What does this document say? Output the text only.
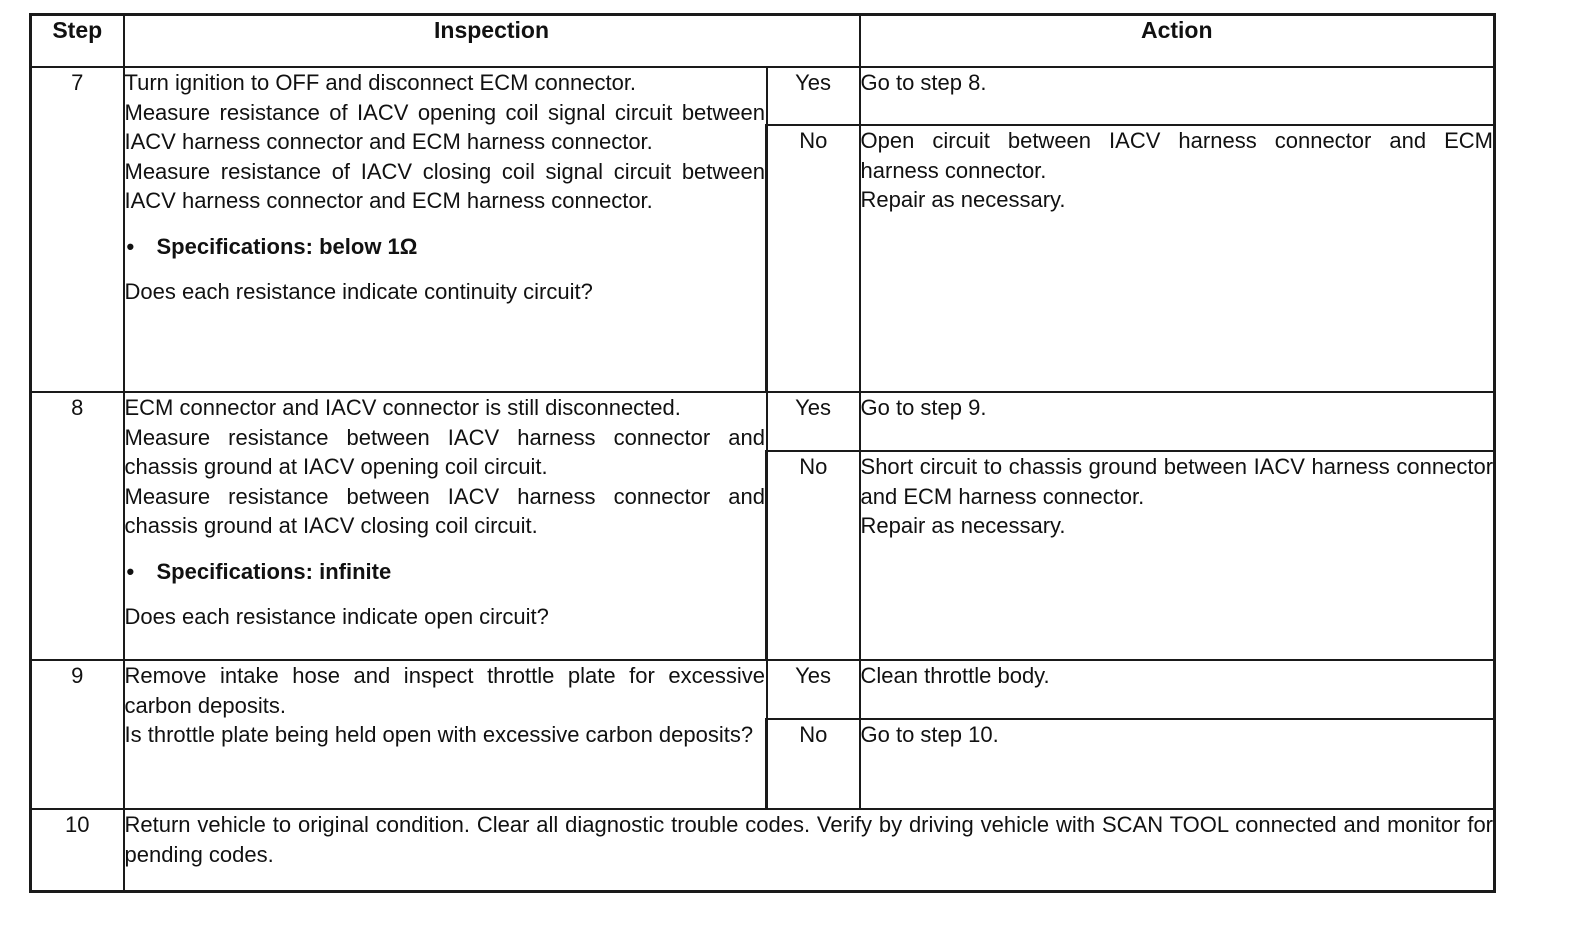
Step	Inspection		Action
7	Turn ignition to OFF and disconnect ECM connector.
Measure resistance of IACV opening coil signal circuit between IACV harness connector and ECM harness connector.
Measure resistance of IACV closing coil signal circuit between IACV harness connector and ECM harness connector.
• Specifications: below 1Ω
Does each resistance indicate continuity circuit?	Yes	Go to step 8.

		No	Open circuit between IACV harness connector and ECM harness connector.
Repair as necessary.

8	ECM connector and IACV connector is still disconnected.
Measure resistance between IACV harness connector and chassis ground at IACV opening coil circuit.
Measure resistance between IACV harness connector and chassis ground at IACV closing coil circuit.
• Specifications: infinite
Does each resistance indicate open circuit?	Yes	Go to step 9.

		No	Short circuit to chassis ground between IACV harness connector and ECM harness connector.
Repair as necessary.

9	Remove intake hose and inspect throttle plate for excessive carbon deposits.
Is throttle plate being held open with excessive carbon deposits?	Yes	Clean throttle body.

		No	Go to step 10.

10	Return vehicle to original condition. Clear all diagnostic trouble codes. Verify by driving vehicle with SCAN TOOL connected and monitor for pending codes.		
